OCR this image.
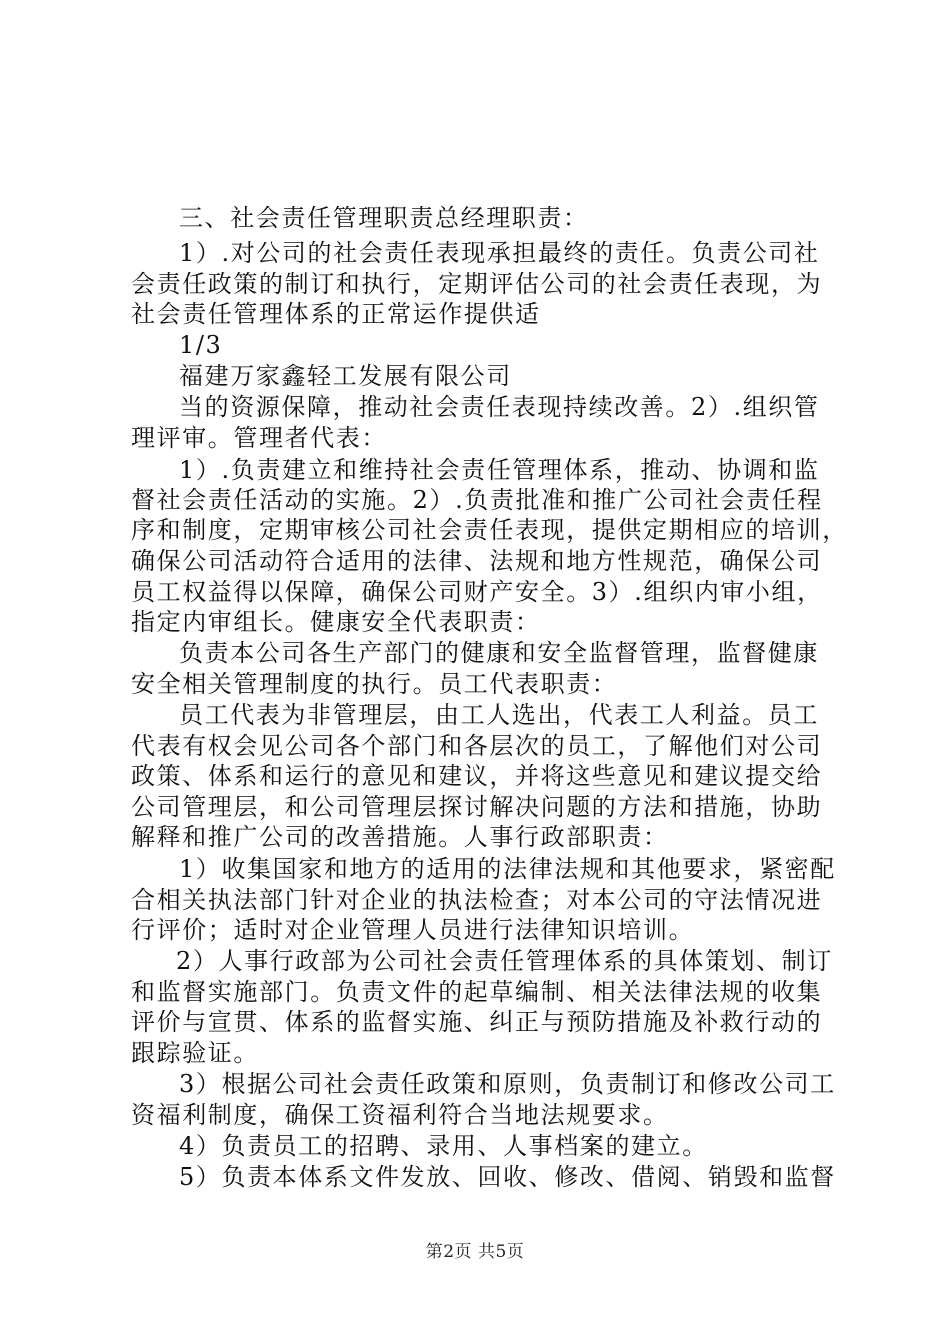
三、社会责任管理职责总经理职责：
1）.对公司的社会责任表现承担最终的责任。负责公司社
会责任政策的制订和执行，定期评估公司的社会责任表现，为
社会责任管理体系的正常运作提供适
1/3
福建万家鑫轻工发展有限公司
当的资源保障，推动社会责任表现持续改善。2）.组织管
理评审。管理者代表：
1）.负责建立和维持社会责任管理体系，推动、协调和监
督社会责任活动的实施。2）.负责批准和推广公司社会责任程
序和制度，定期审核公司社会责任表现，提供定期相应的培训，
确保公司活动符合适用的法律、法规和地方性规范，确保公司
员工权益得以保障，确保公司财产安全。3）.组织内审小组，
指定内审组长。健康安全代表职责：
负责本公司各生产部门的健康和安全监督管理，监督健康
安全相关管理制度的执行。员工代表职责：
员工代表为非管理层，由工人选出，代表工人利益。员工
代表有权会见公司各个部门和各层次的员工，了解他们对公司
政策、体系和运行的意见和建议，并将这些意见和建议提交给
公司管理层，和公司管理层探讨解决问题的方法和措施，协助
解释和推广公司的改善措施。人事行政部职责：
1）收集国家和地方的适用的法律法规和其他要求，紧密配
合相关执法部门针对企业的执法检查；对本公司的守法情况进
行评价；适时对企业管理人员进行法律知识培训。
2）人事行政部为公司社会责任管理体系的具体策划、制订
和监督实施部门。负责文件的起草编制、相关法律法规的收集
评价与宣贯、体系的监督实施、纠正与预防措施及补救行动的
跟踪验证。
3）根据公司社会责任政策和原则，负责制订和修改公司工
资福利制度，确保工资福利符合当地法规要求。
4）负责员工的招聘、录用、人事档案的建立。
5）负责本体系文件发放、回收、修改、借阅、销毁和监督
第2页 共5页
